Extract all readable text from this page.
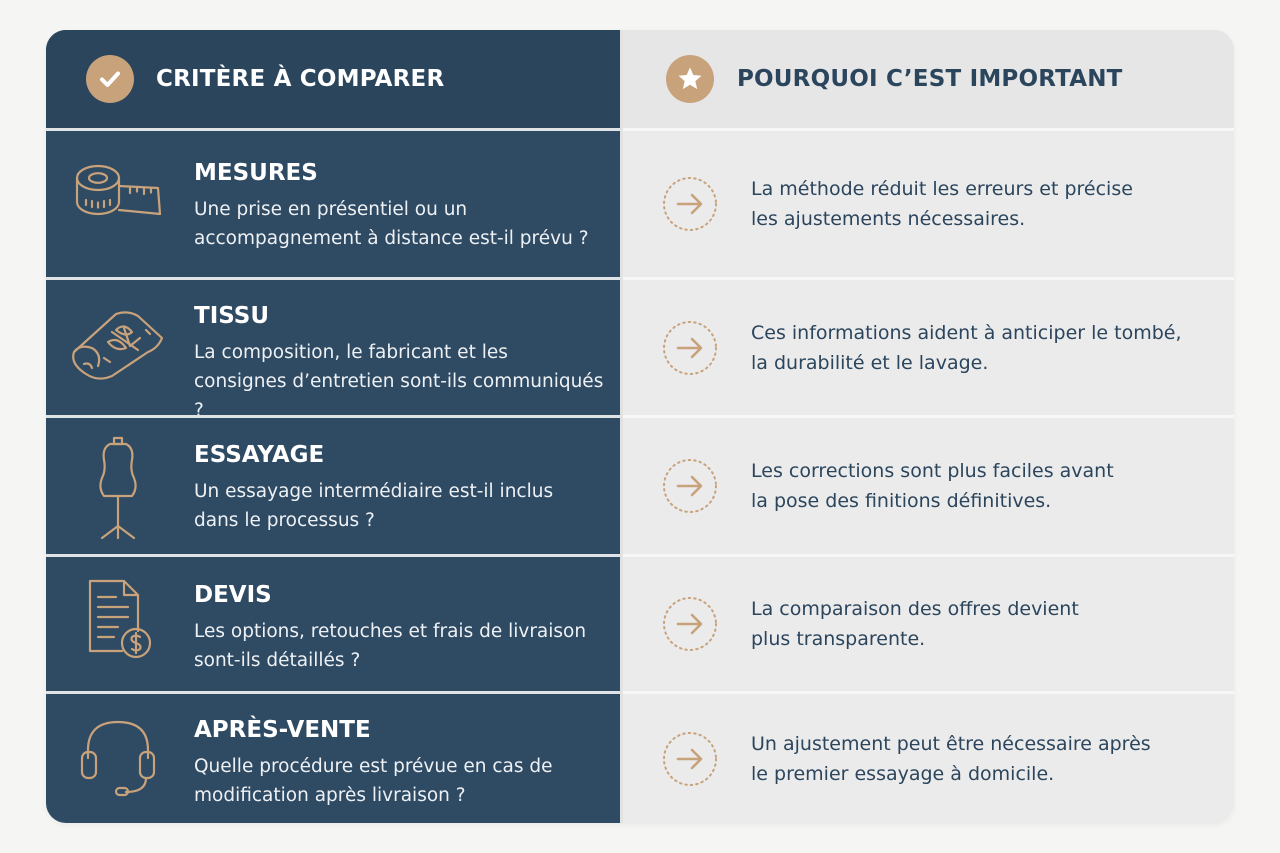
CRITÈRE À COMPARER
MESURES
Une prise en présentiel ou un
accompagnement à distance est-il prévu ?
TISSU
La composition, le fabricant et les
consignes d’entretien sont-ils communiqués ?
ESSAYAGE
Un essayage intermédiaire est-il inclus
dans le processus ?
DEVIS
Les options, retouches et frais de livraison
sont-ils détaillés ?
APRÈS-VENTE
Quelle procédure est prévue en cas de
modification après livraison ?
POURQUOI C’EST IMPORTANT
La méthode réduit les erreurs et précise
les ajustements nécessaires.
Ces informations aident à anticiper le tombé,
la durabilité et le lavage.
Les corrections sont plus faciles avant
la pose des finitions définitives.
La comparaison des offres devient
plus transparente.
Un ajustement peut être nécessaire après
le premier essayage à domicile.
